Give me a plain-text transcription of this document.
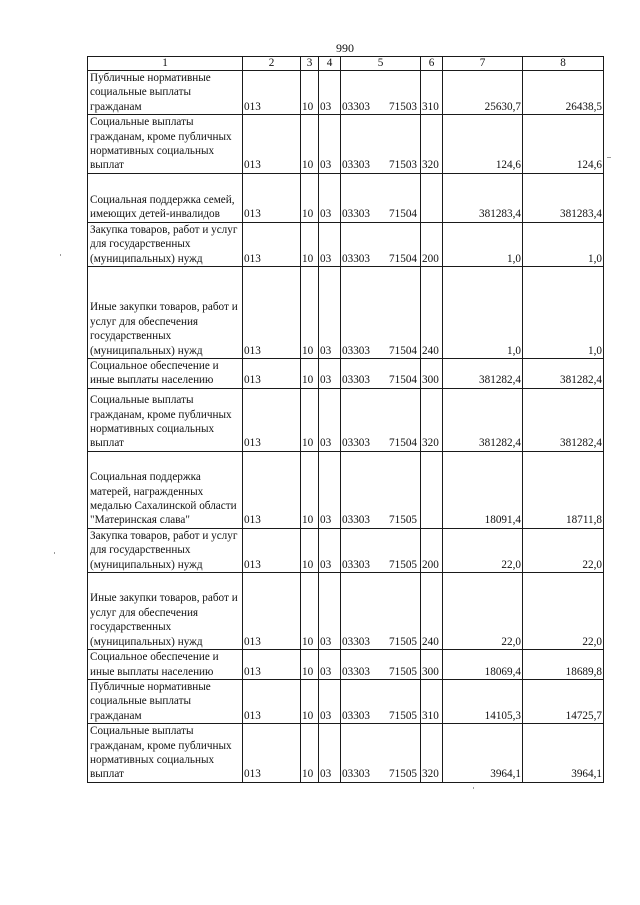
990
1	2	3	4	5	6	7	8
Публичные нормативные социальные выплаты гражданам	013	10	03	03303 71503	310	25630,7	26438,5
Социальные выплаты гражданам, кроме публичных нормативных социальных выплат	013	10	03	03303 71503	320	124,6	124,6
Социальная поддержка семей, имеющих детей-инвалидов	013	10	03	03303 71504		381283,4	381283,4
Закупка товаров, работ и услуг для государственных (муниципальных) нужд	013	10	03	03303 71504	200	1,0	1,0
Иные закупки товаров, работ и услуг для обеспечения государственных (муниципальных) нужд	013	10	03	03303 71504	240	1,0	1,0
Социальное обеспечение и иные выплаты населению	013	10	03	03303 71504	300	381282,4	381282,4
Социальные выплаты гражданам, кроме публичных нормативных социальных выплат	013	10	03	03303 71504	320	381282,4	381282,4
Социальная поддержка матерей, награжденных медалью Сахалинской области "Материнская слава"	013	10	03	03303 71505		18091,4	18711,8
Закупка товаров, работ и услуг для государственных (муниципальных) нужд	013	10	03	03303 71505	200	22,0	22,0
Иные закупки товаров, работ и услуг для обеспечения государственных (муниципальных) нужд	013	10	03	03303 71505	240	22,0	22,0
Социальное обеспечение и иные выплаты населению	013	10	03	03303 71505	300	18069,4	18689,8
Публичные нормативные социальные выплаты гражданам	013	10	03	03303 71505	310	14105,3	14725,7
Социальные выплаты гражданам, кроме публичных нормативных социальных выплат	013	10	03	03303 71505	320	3964,1	3964,1
